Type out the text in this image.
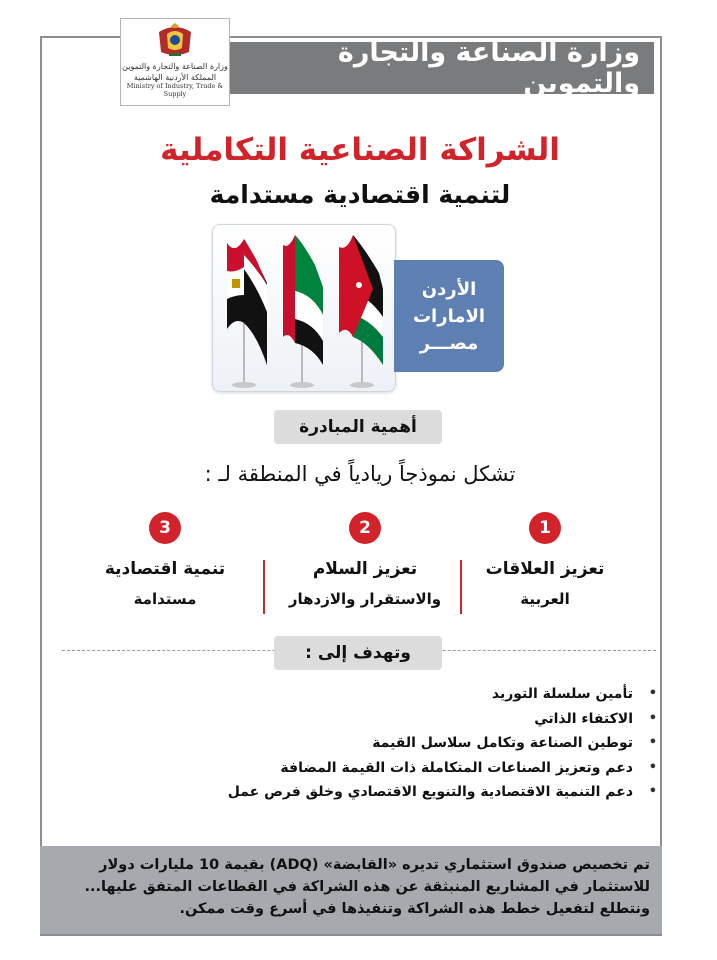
وزارة الصناعة والتجارة والتموين
وزارة الصناعة والتجارة والتموين
المملكة الأردنية الهاشمية
Ministry of Industry, Trade & Supply
الشراكة الصناعية التكاملية
لتنمية اقتصادية مستدامة
الأردن
الامارات
مصـــر
أهمية المبادرة
تشكل نموذجاً ريادياً في المنطقة لـ :
1
تعزيز العلاقات
العربية
2
تعزيز السلام
والاستقرار والازدهار
3
تنمية اقتصادية
مستدامة
وتهدف إلى :
• تأمين سلسلة التوريد
• الاكتفاء الذاتي
• توطين الصناعة وتكامل سلاسل القيمة
• دعم وتعزيز الصناعات المتكاملة ذات القيمة المضافة
• دعم التنمية الاقتصادية والتنويع الاقتصادي وخلق فرص عمل
تم تخصيص صندوق استثماري تديره «القابضة» (ADQ) بقيمة 10 مليارات دولار
للاستثمار في المشاريع المنبثقة عن هذه الشراكة في القطاعات المتفق عليها...
ونتطلع لتفعيل خطط هذه الشراكة وتنفيذها في أسرع وقت ممكن.
